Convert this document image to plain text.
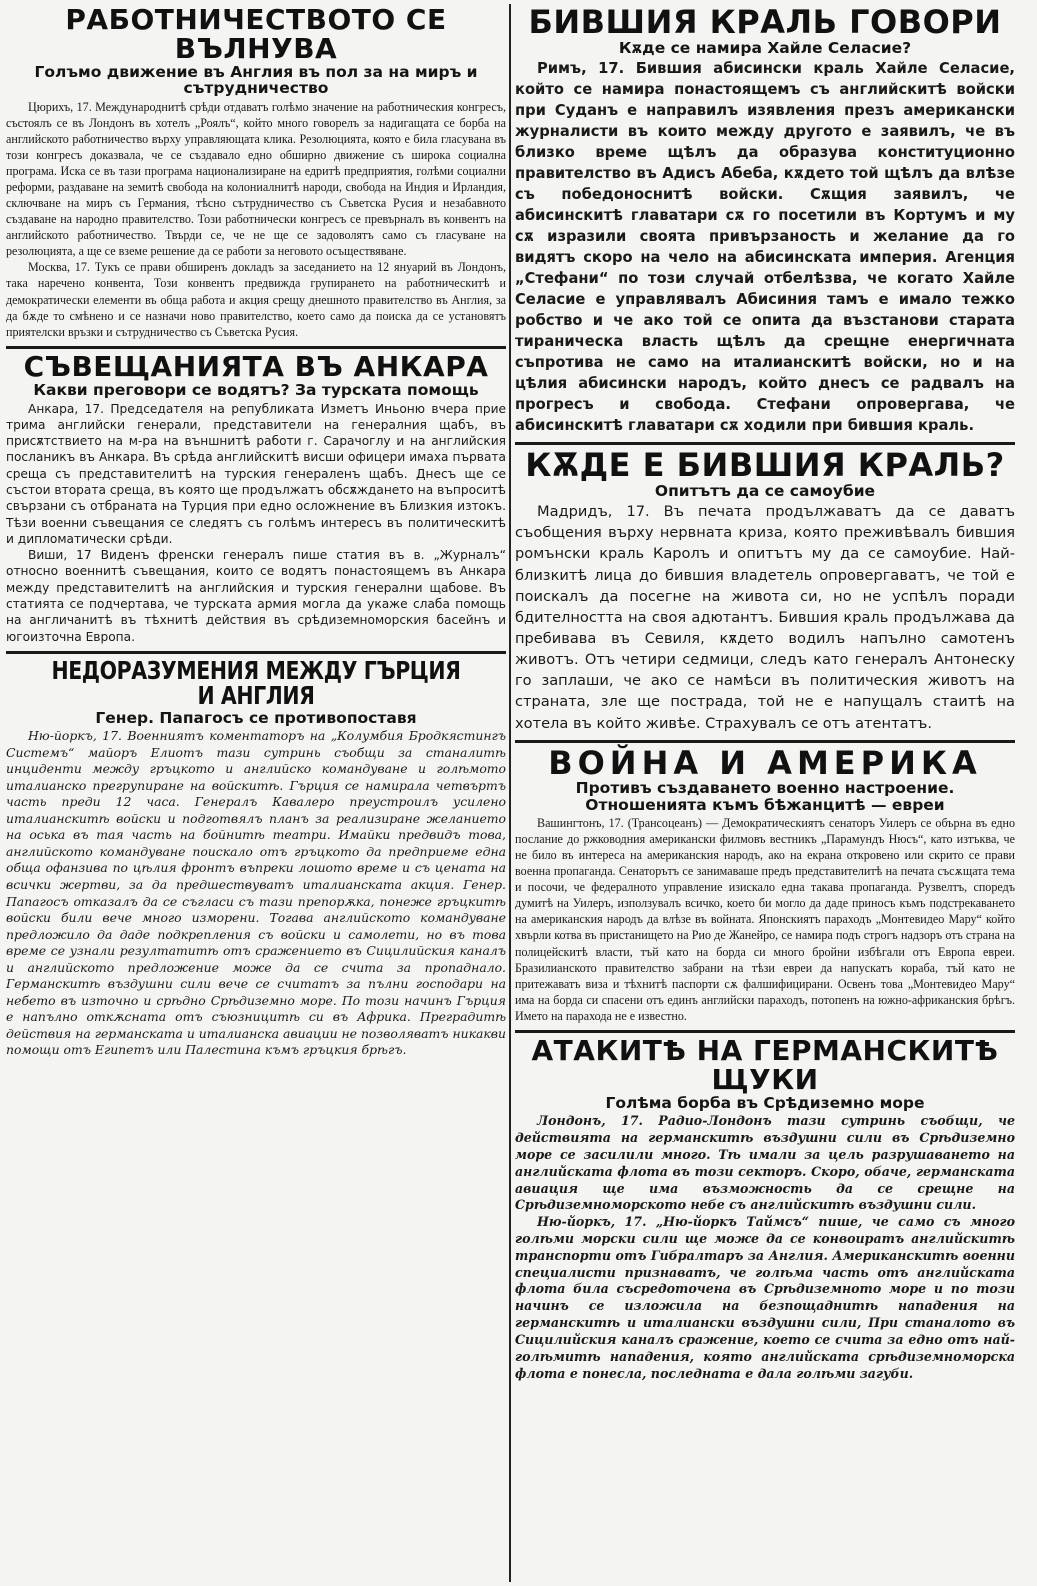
РАБОТНИЧЕСТВОТО СЕ ВЪЛНУВА
Голъмо движение въ Англия въ пол за на миръ и сътрудничество

Цюрихъ, 17. Международнитѣ срѣди отдаватъ голѣмо значение на работническия конгресъ, състоялъ се въ Лондонъ въ хотелъ „Роялъ“, който много говорелъ за надигащата се борба на английското работничество върху управляющата клика. Резолюцията, която е била гласувана въ този конгресъ доказвала, че се създавало едно обширно движение съ широка социална програма. Иска се въ тази програма национализиране на едритѣ предприятия, голѣми социални реформи, раздаване на земитѣ свобода на колониалнитѣ народи, свобода на Индия и Ирландия, сключване на миръ съ Германия, тѣсно сътрудничество съ Съветска Русия и незабавното създаване на народно правителство. Този работнически конгресъ се превърналъ въ конвентъ на английското работничество. Твърди се, че не ще се задоволятъ само съ гласуване на резолюцията, а ще се вземе решение да се работи за неговото осъществяване.

Москва, 17. Тукъ се прави обширенъ докладъ за заседанието на 12 януарий въ Лондонъ, така нареченo конвента, Този конвентъ предвижда групирането на работническитѣ и демократически елементи въ обща работа и акция срещу днешното правителство въ Англия, за да бѫде то смѣнено и се назначи ново правителство, което само да поиска да се установятъ приятелски връзки и сътрудничество съ Съветска Русия.

СЪВЕЩАНИЯТА ВЪ АНКАРА
Какви преговори се водятъ? За турската помощь

Анкара, 17. Председателя на републиката Изметъ Иньоню вчера прие трима английски генерали, представители на генералния щабъ, въ присѫтствието на м-ра на външнитѣ работи г. Сарачоглу и на английския посланикъ въ Анкара. Въ срѣда английскитѣ висши офицери имаха първата среща съ представителитѣ на турския генераленъ щабъ. Днесъ ще се състои втората среща, въ която ще продължатъ обсѫждането на въпроситѣ свързани съ отбраната на Турция при едно осложнение въ Близкия изтокъ. Тѣзи военни съвещания се следятъ съ голѣмъ интересъ въ политическитѣ и дипломатически срѣди.

Виши, 17 Виденъ френски генералъ пише статия въ в. „Журналъ“ относно военнитѣ съвещания, които се водятъ понастоящемъ въ Анкара между представителитѣ на английския и турския генерални щабове. Въ статията се подчертава, че турската армия могла да укаже слаба помощь на англичанитѣ въ тѣхнитѣ действия въ срѣдиземноморския басейнъ и югоизточна Европа.

НЕДОРАЗУМЕНИЯ МЕЖДУ ГЪРЦИЯ И АНГЛИЯ
Генер. Папагосъ се противопоставя

Ню-йоркъ, 17. Военниятъ коментаторъ на „Колумбия Бродкястингъ Системъ“ майоръ Елиотъ тази сутринь съобщи за станалитѣ инциденти между гръцкото и английско командуване и голѣмото италианско прегрупиране на войскитѣ. Гърция се намирала четвъртъ часть преди 12 часа. Генералъ Кавалеро преустроилъ усилено италианскитѣ войски и подготвялъ планъ за реализиране желанието на оська въ тая часть на бойнитѣ театри. Имайки предвидъ това, английското командуване поискало отъ гръцкото да предприеме една обща офанзива по цѣлия фронтъ въпреки лошото време и съ цената на всички жертви, за да предшествуватъ италианската акция. Генер. Папагосъ отказалъ да се съгласи съ тази препорѫка, понеже гръцкитѣ войски били вече много изморени. Тогава английското командуване предложило да даде подкрепления съ войски и самолети, но въ това време се узнали резултатитѣ отъ сражението въ Сицилийския каналъ и английското предложение може да се счита за пропаднало. Германскитѣ въздушни сили вече се считатъ за пълни господари на небето въ източно и срѣдно Срѣдиземно море. По този начинъ Гърция е напълно откѫснатa отъ съюзницитѣ си въ Африка. Преградитѣ действия на германската и италианска авиации не позволяватъ никакви помощи отъ Египетъ или Палестина къмъ гръцкия брѣгъ.

БИВШИЯ КРАЛЬ ГОВОРИ
Кѫде се намира Хайле Селасие?

Римъ, 17. Бившия абисински краль Хайле Селасие, който се намира понастоящемъ съ английскитѣ войски при Суданъ е направилъ изявления презъ американски журналисти въ които между другото е заявилъ, че въ близко време щѣлъ да образува конституционно правителство въ Адисъ Абеба, кѫдето той щѣлъ да влѣзе съ победоноснитѣ войски. Сѫщия заявилъ, че абисинскитѣ главатари сѫ го посетили въ Кортумъ и му сѫ изразили своята привързаность и желание да го видятъ скоро на чело на абисинската империя. Агенция „Стефани“ по този случай отбелѣзва, че когато Хайле Селасие е управлявалъ Абисиния тамъ е имало тежко робство и че ако той се опита да възстанови старата тираническа власть щѣлъ да срещне енергичната съпротива не само на италианскитѣ войски, но и на цѣлия абисински народъ, който днесъ се радвалъ на прогресъ и свобода. Стефани опровергава, че абисинскитѣ главатари сѫ ходили при бившия краль.

КѪДЕ Е БИВШИЯ КРАЛЬ?
Опитътъ да се самоубие

Мадридъ, 17. Въ печата продължаватъ да се даватъ съобщения върху нервната криза, която преживѣвалъ бившия ромънски краль Каролъ и опитътъ му да се самоубие. Най-близкитѣ лица до бившия владетель опровергаватъ, че той е поискалъ да посегне на живота си, но не успѣлъ поради бдителността на своя адютантъ. Бившия краль продължава да пребивава въ Севиля, кѫдето водилъ напълно самотенъ животъ. Отъ четири седмици, следъ като генералъ Антонеску го заплаши, че ако се намѣси въ политическия животъ на страната, зле ще пострада, той не е напущалъ стаитѣ на хотела въ който живѣе. Страхувалъ се отъ атентатъ.

ВОЙНА И АМЕРИКА
Противъ създаването военно настроение. Отношенията къмъ бѣжанцитѣ — евреи

Вашингтонъ, 17. (Трансоцеанъ) — Демократическиятъ сенаторъ Уилеръ се обърна въ едно послание до ржководния американски филмовъ вестникъ „Парамундъ Нюсъ“, като изтъква, че не било въ интереса на американския народъ, ако на екрана откровено или скрито се прави военна пропаганда. Сенаторътъ се занимаваше предъ представителитѣ на печата съсѫщата тема и посочи, че федералното управление изискало една такава пропаганда. Рузвелтъ, споредъ думитѣ на Уилеръ, използувалъ всичко, което би могло да даде приносъ къмъ подстрекаването на американския народъ да влѣзе въ войната. Японскиятъ параходъ „Монтевидео Мару“ който хвърли котва въ пристанището на Рио де Жанейро, се намира подъ строгъ надзоръ отъ страна на полицейскитѣ власти, тъй като на борда си много бройни избѣгали отъ Европа евреи. Бразилианското правителство забрани на тѣзи евреи да напускатъ кораба, тъй като не притежаватъ виза и тѣхнитѣ паспорти сѫ фалшифицирани. Освенъ това „Монтевидео Мару“ има на борда си спасени отъ единъ английски параходъ, потопенъ на южно-африканския брѣгъ. Името на парахода не е известно.

АТАКИТѢ НА ГЕРМАНСКИТѢ ЩУКИ
Голѣма борба въ Срѣдиземно море

Лондонъ, 17. Радио-Лондонъ тази сутринь съобщи, че действията на германскитѣ въздушни сили въ Срѣдиземно море се засилили много. Тѣ имали за цель разрушаването на английската флота въ този секторъ. Скоро, обаче, германската авиация ще има възможность да се срещне на Срѣдиземноморското небе съ английскитѣ въздушни сили.

Ню-йоркъ, 17. „Ню-йоркъ Таймсъ“ пише, че само съ много голѣми морски сили ще може да се конвоиратъ английскитѣ транспорти отъ Гибралтаръ за Англия. Американскитѣ военни специалисти признаватъ, че голѣма часть отъ английската флота била съсредоточена въ Срѣдиземното море и по този начинъ се изложила на безпощаднитѣ нападения на германскитѣ и италиански въздушни сили, При станалото въ Сицилийския каналъ сражение, което се счита за едно отъ най-голѣмитѣ нападения, която английската срѣдиземноморска флота е понесла, последната е дала голѣми загуби.
